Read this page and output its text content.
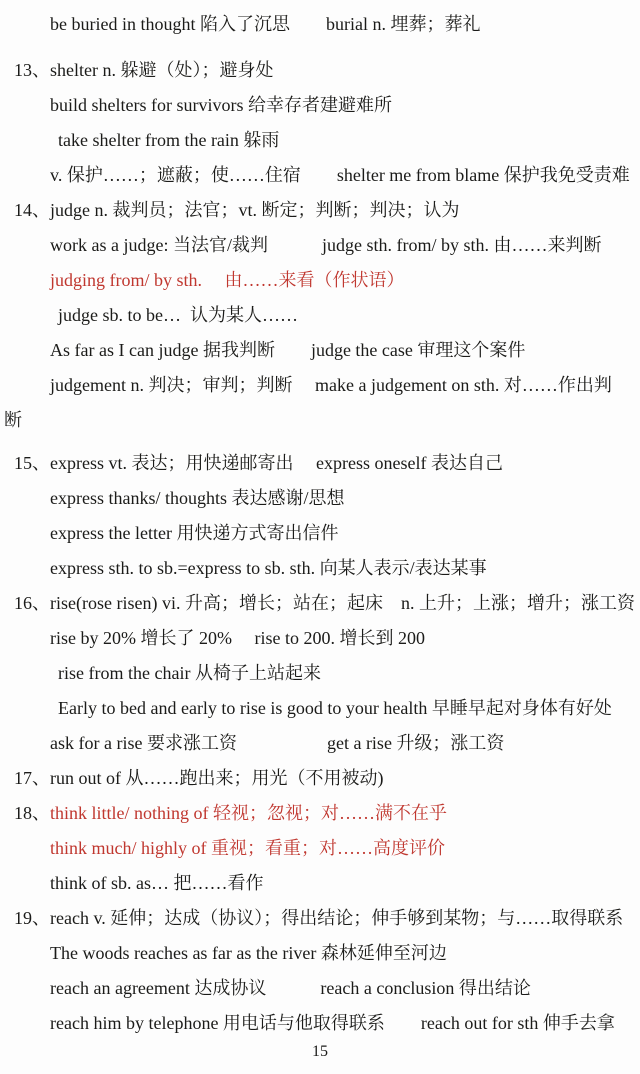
be buried in thought 陷入了沉思　　burial n. 埋葬；葬礼
13、shelter n. 躲避（处）；避身处
build shelters for survivors 给幸存者建避难所
take shelter from the rain 躲雨
v. 保护……；遮蔽；使……住宿　　shelter me from blame 保护我免受责难
14、judge n. 裁判员；法官；vt. 断定；判断；判决；认为
work as a judge: 当法官/裁判　　　judge sth. from/ by sth. 由……来判断
judging from/ by sth.　 由……来看（作状语）
judge sb. to be…  认为某人……
As far as I can judge 据我判断　　judge the case 审理这个案件
judgement n. 判决；审判；判断　 make a judgement on sth. 对……作出判
断
15、express vt. 表达；用快递邮寄出　 express oneself 表达自己
express thanks/ thoughts 表达感谢/思想
express the letter 用快递方式寄出信件
express sth. to sb.=express to sb. sth. 向某人表示/表达某事
16、rise(rose risen) vi. 升高；增长；站在；起床　n. 上升；上涨；增升；涨工资
rise by 20% 增长了 20%　 rise to 200. 增长到 200
rise from the chair 从椅子上站起来
Early to bed and early to rise is good to your health 早睡早起对身体有好处
ask for a rise 要求涨工资　　　　　get a rise 升级；涨工资
17、run out of 从……跑出来；用光（不用被动)
18、think little/ nothing of 轻视；忽视；对……满不在乎
think much/ highly of 重视；看重；对……高度评价
think of sb. as… 把……看作
19、reach v. 延伸；达成（协议）；得出结论；伸手够到某物；与……取得联系
The woods reaches as far as the river 森林延伸至河边
reach an agreement 达成协议　　　reach a conclusion 得出结论
reach him by telephone 用电话与他取得联系　　reach out for sth 伸手去拿
15
